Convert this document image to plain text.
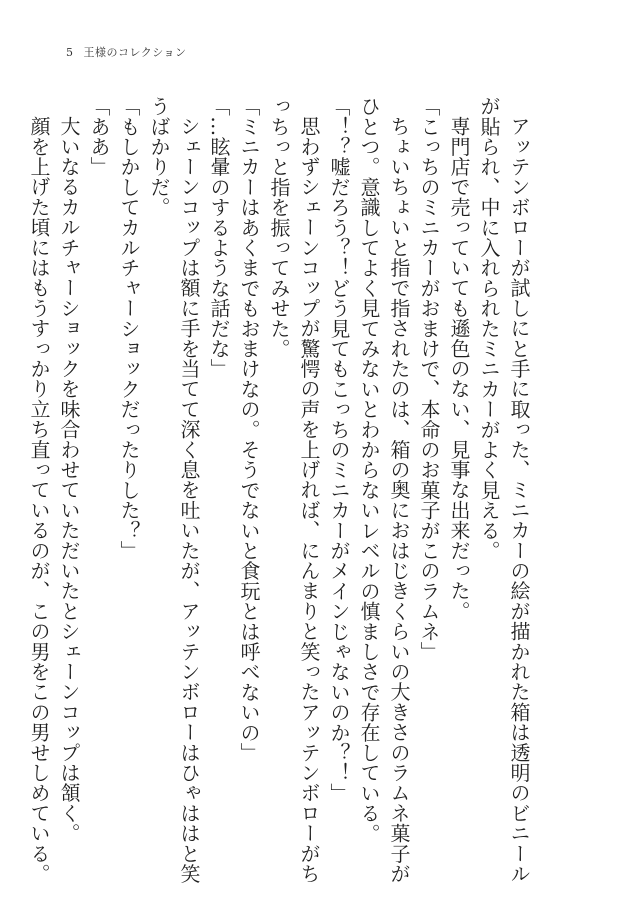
5 王様のコレクション

アッテンボローが試しにと手に取った、ミニカーの絵が描かれた箱は透明のビニールが貼られ、中に入れられたミニカーがよく見える。

専門店で売っていても遜色のない、見事な出来だった。

「こっちのミニカーがおまけで、本命のお菓子がこのラムネ」

ちょいちょいと指で指されたのは、箱の奥におはじきくらいの大きさのラムネ菓子がひとつ。意識してよく見てみないとわからないレベルの慎ましさで存在している。

「！？嘘だろう？！どう見てもこっちのミニカーがメインじゃないのか？！」

思わずシェーンコップが驚愕の声を上げれば、にんまりと笑ったアッテンボローがちっちっと指を振ってみせた。

「ミニカーはあくまでもおまけなの。そうでないと食玩とは呼べないの」

「…眩暈のするような話だな」

シェーンコップは額に手を当てて深く息を吐いたが、アッテンボローはひゃははと笑うばかりだ。

「もしかしてカルチャーショックだったりした？」

「ああ」

大いなるカルチャーショックを味合わせていただいたとシェーンコップは頷く。

顔を上げた頃にはもうすっかり立ち直っているのが、この男をこの男せしめている。
